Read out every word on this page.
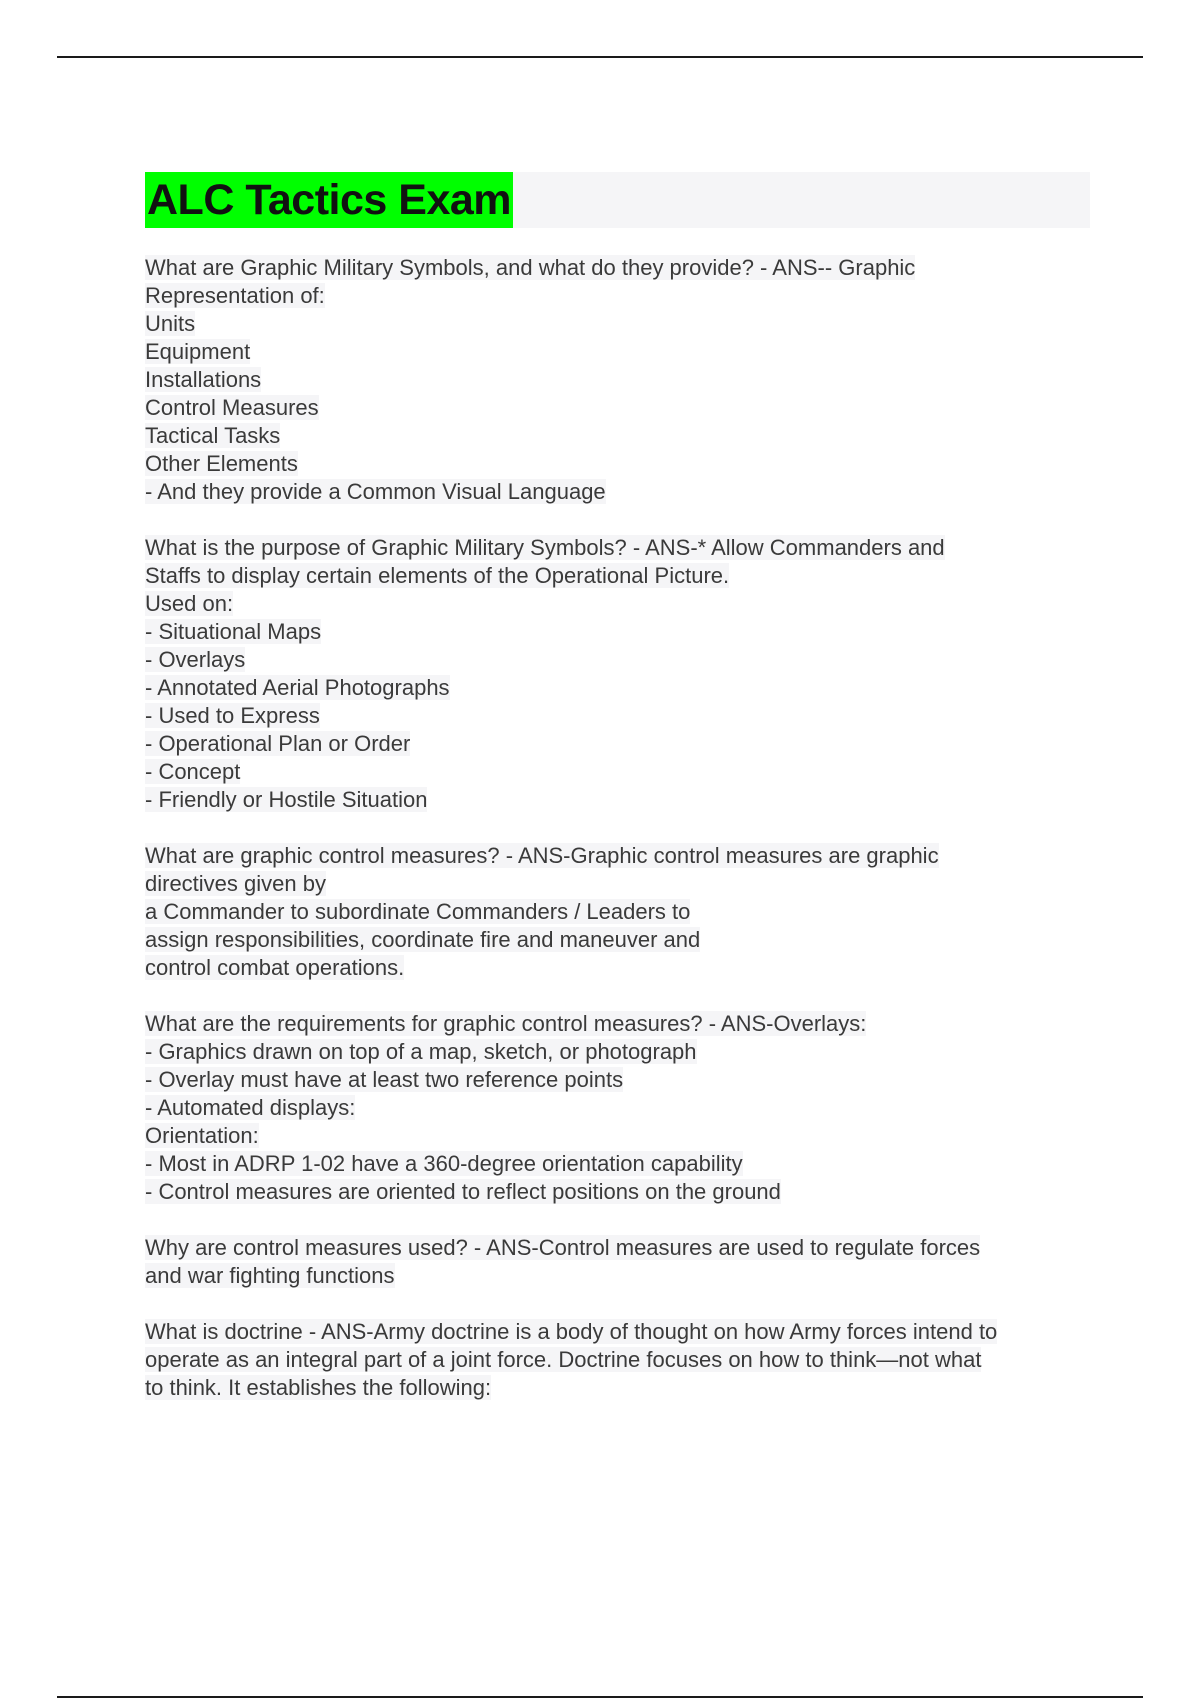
ALC Tactics Exam
What are Graphic Military Symbols, and what do they provide? - ANS-- Graphic
Representation of:
Units
Equipment
Installations
Control Measures
Tactical Tasks
Other Elements
- And they provide a Common Visual Language
What is the purpose of Graphic Military Symbols? - ANS-* Allow Commanders and
Staffs to display certain elements of the Operational Picture.
Used on:
- Situational Maps
- Overlays
- Annotated Aerial Photographs
- Used to Express
- Operational Plan or Order
- Concept
- Friendly or Hostile Situation
What are graphic control measures? - ANS-Graphic control measures are graphic
directives given by
a Commander to subordinate Commanders / Leaders to
assign responsibilities, coordinate fire and maneuver and
control combat operations.
What are the requirements for graphic control measures? - ANS-Overlays:
- Graphics drawn on top of a map, sketch, or photograph
- Overlay must have at least two reference points
- Automated displays:
Orientation:
- Most in ADRP 1-02 have a 360-degree orientation capability
- Control measures are oriented to reflect positions on the ground
Why are control measures used? - ANS-Control measures are used to regulate forces
and war fighting functions
What is doctrine - ANS-Army doctrine is a body of thought on how Army forces intend to
operate as an integral part of a joint force. Doctrine focuses on how to think—not what
to think. It establishes the following:
